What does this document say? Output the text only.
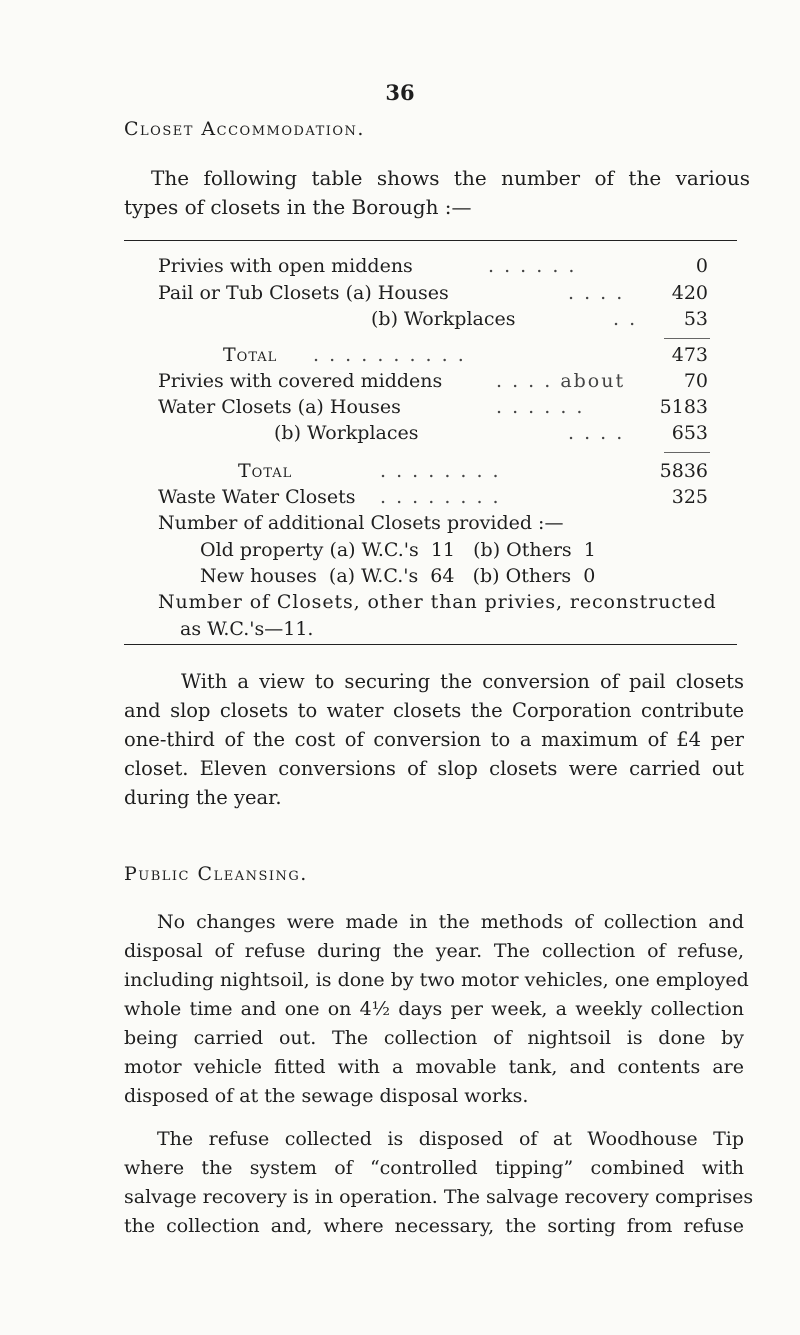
36
Closet Accommodation.
The following table shows the number of the various
types of closets in the Borough :—
Privies with open middens	. . . . . .	0
Pail or Tub Closets (a) Houses	. . . . 420
(b) Workplaces	. . 53
Total . . . . . . . . . .	473
Privies with covered middens	. . . . about	70
Water Closets (a) Houses	. . . . . .	5183
(b) Workplaces	. . . . 653
Total	. . . . . . . .	5836
Waste Water Closets . . . . . . . .	325
Number of additional Closets provided :—
Old property (a) W.C.'s  11   (b) Others  1
New houses  (a) W.C.'s  64   (b) Others  0
Number of Closets, other than privies, reconstructed
as W.C.'s—11.
With a view to securing the conversion of pail closets
and slop closets to water closets the Corporation contribute
one-third of the cost of conversion to a maximum of £4 per
closet. Eleven conversions of slop closets were carried out
during the year.
Public Cleansing.
No changes were made in the methods of collection and
disposal of refuse during the year. The collection of refuse,
including nightsoil, is done by two motor vehicles, one employed
whole time and one on 4½ days per week, a weekly collection
being carried out. The collection of nightsoil is done by
motor vehicle fitted with a movable tank, and contents are
disposed of at the sewage disposal works.
The refuse collected is disposed of at Woodhouse Tip
where the system of “controlled tipping” combined with
salvage recovery is in operation. The salvage recovery comprises
the collection and, where necessary, the sorting from refuse
